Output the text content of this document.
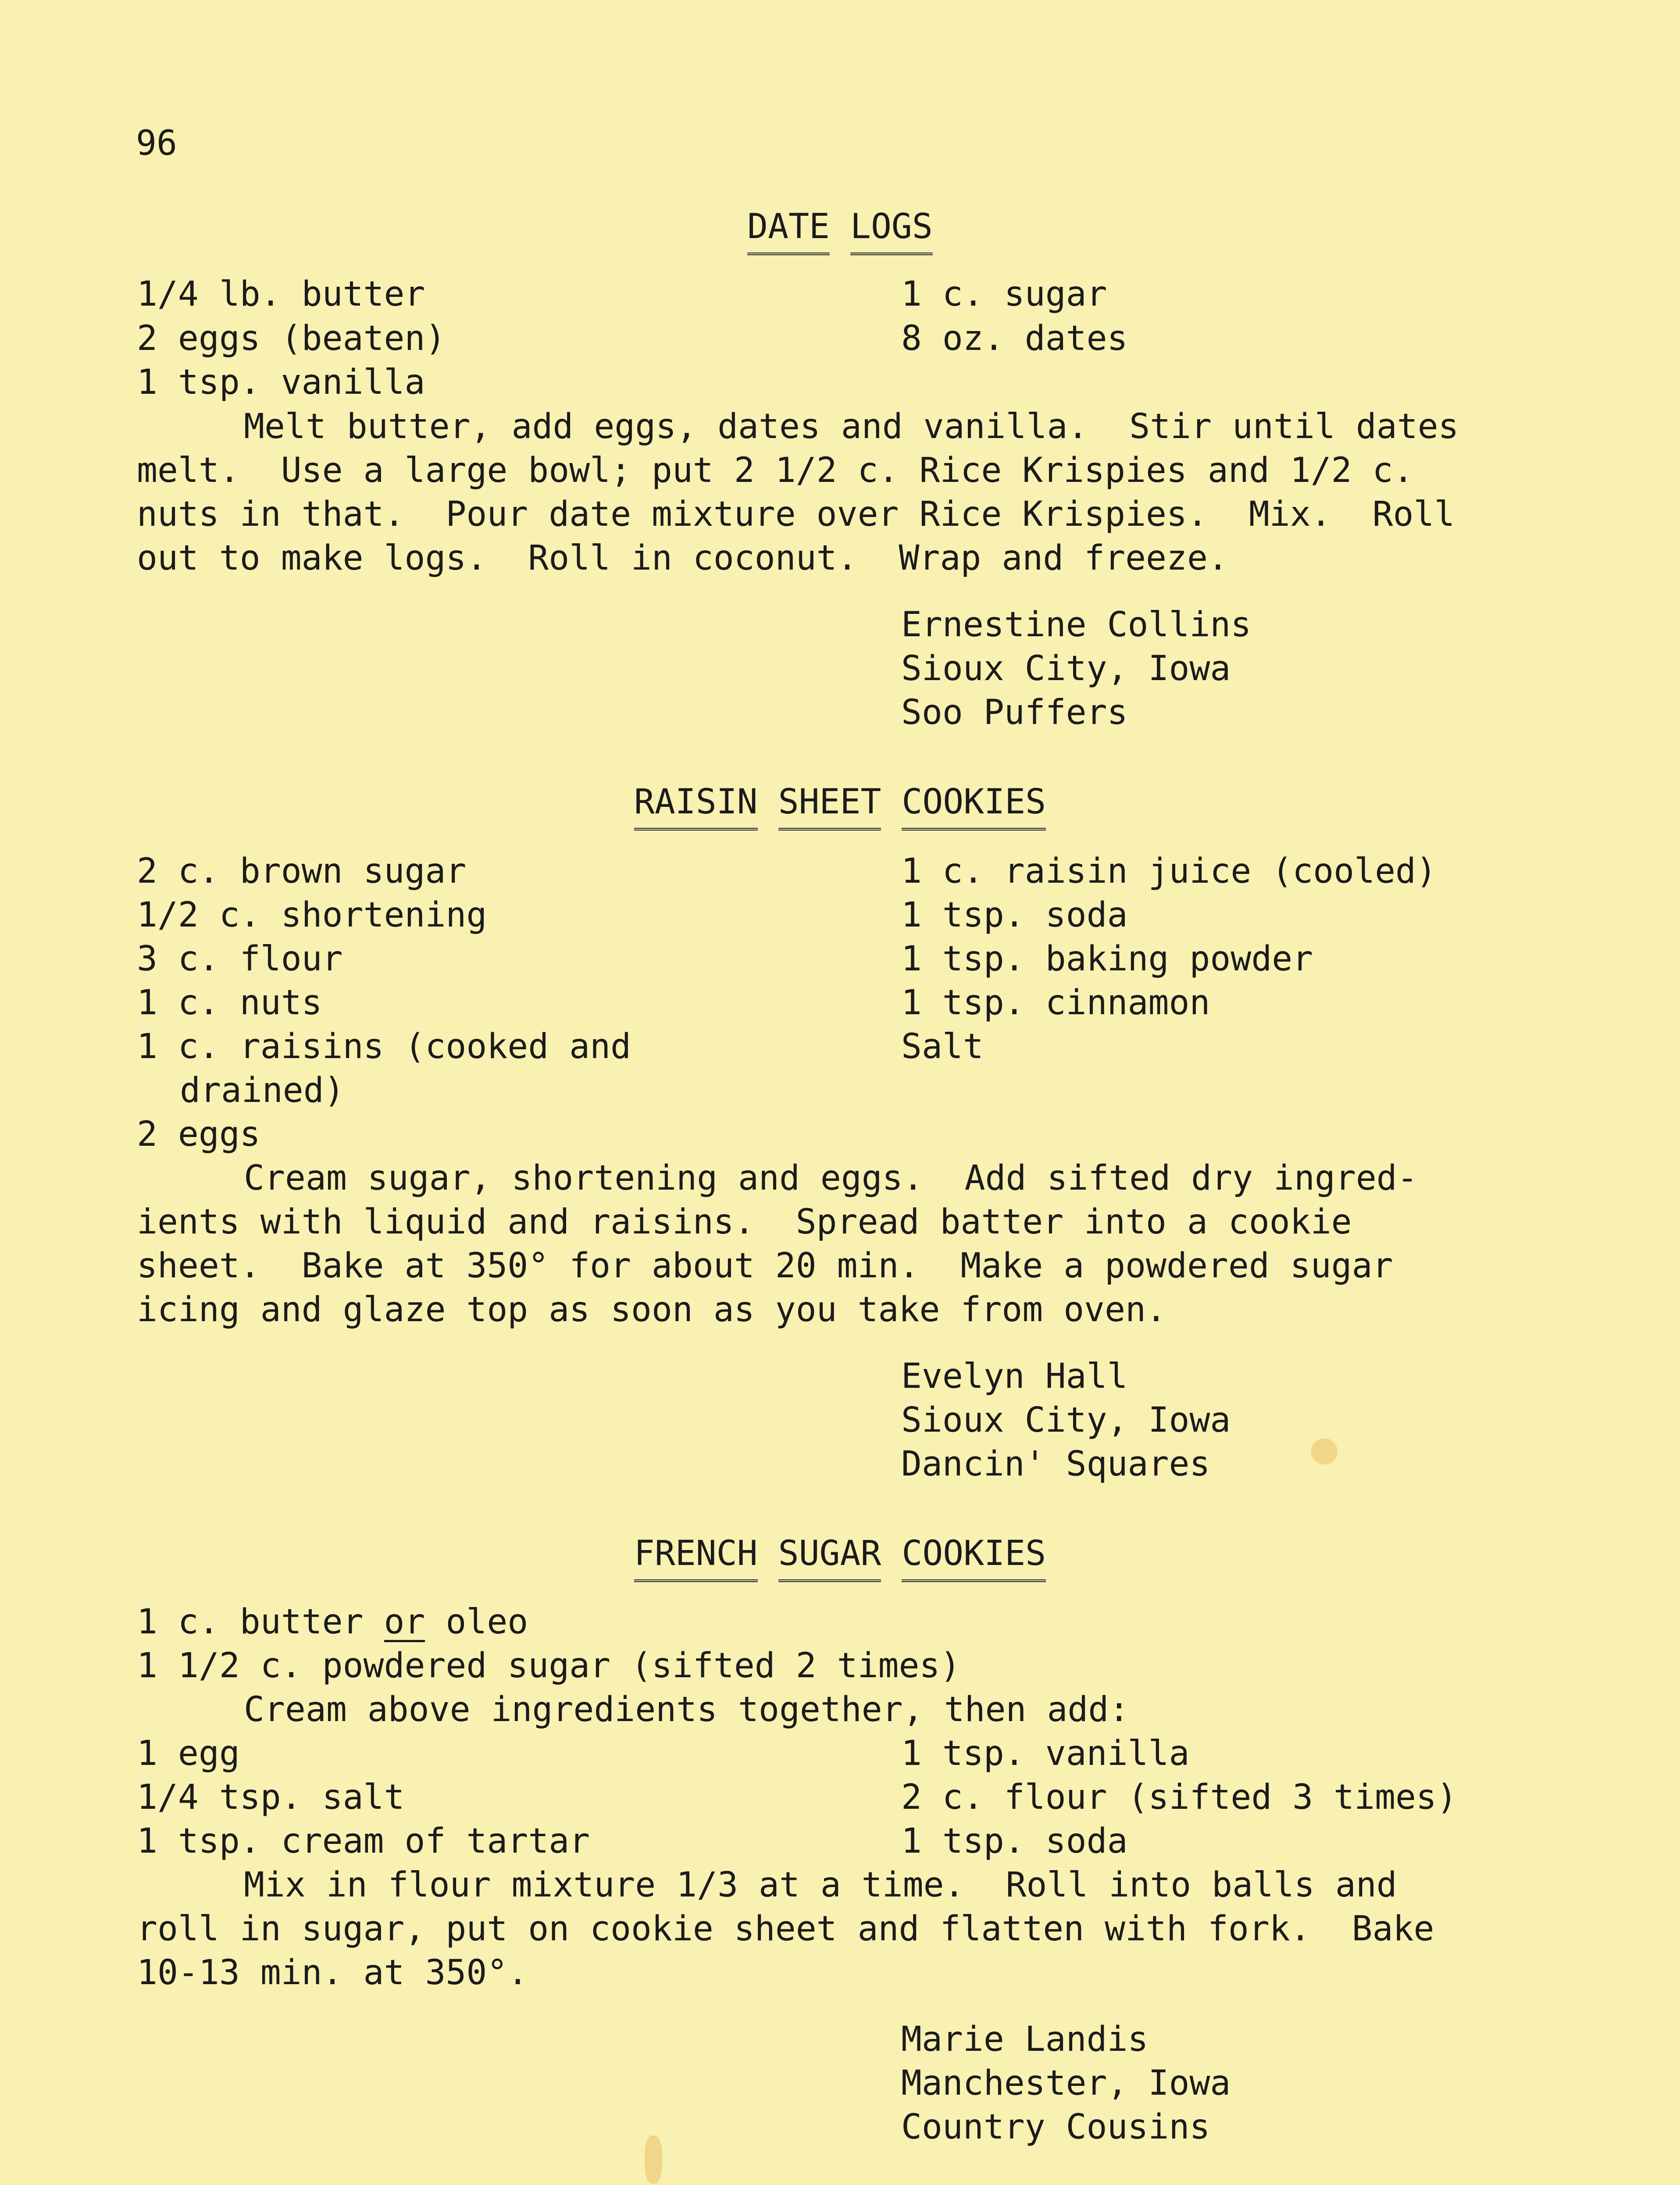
96
DATE LOGS
1/4 lb. butter
2 eggs (beaten)
1 tsp. vanilla
1 c. sugar
8 oz. dates
Melt butter, add eggs, dates and vanilla.  Stir until dates
melt.  Use a large bowl; put 2 1/2 c. Rice Krispies and 1/2 c.
nuts in that.  Pour date mixture over Rice Krispies.  Mix.  Roll
out to make logs.  Roll in coconut.  Wrap and freeze.
Ernestine Collins
Sioux City, Iowa
Soo Puffers
RAISIN SHEET COOKIES
2 c. brown sugar
1/2 c. shortening
3 c. flour
1 c. nuts
1 c. raisins (cooked and
drained)
2 eggs
1 c. raisin juice (cooled)
1 tsp. soda
1 tsp. baking powder
1 tsp. cinnamon
Salt
Cream sugar, shortening and eggs.  Add sifted dry ingred-
ients with liquid and raisins.  Spread batter into a cookie
sheet.  Bake at 350° for about 20 min.  Make a powdered sugar
icing and glaze top as soon as you take from oven.
Evelyn Hall
Sioux City, Iowa
Dancin' Squares
FRENCH SUGAR COOKIES
1 c. butter or oleo
1 1/2 c. powdered sugar (sifted 2 times)
Cream above ingredients together, then add:
1 egg
1/4 tsp. salt
1 tsp. cream of tartar
1 tsp. vanilla
2 c. flour (sifted 3 times)
1 tsp. soda
Mix in flour mixture 1/3 at a time.  Roll into balls and
roll in sugar, put on cookie sheet and flatten with fork.  Bake
10-13 min. at 350°.
Marie Landis
Manchester, Iowa
Country Cousins
